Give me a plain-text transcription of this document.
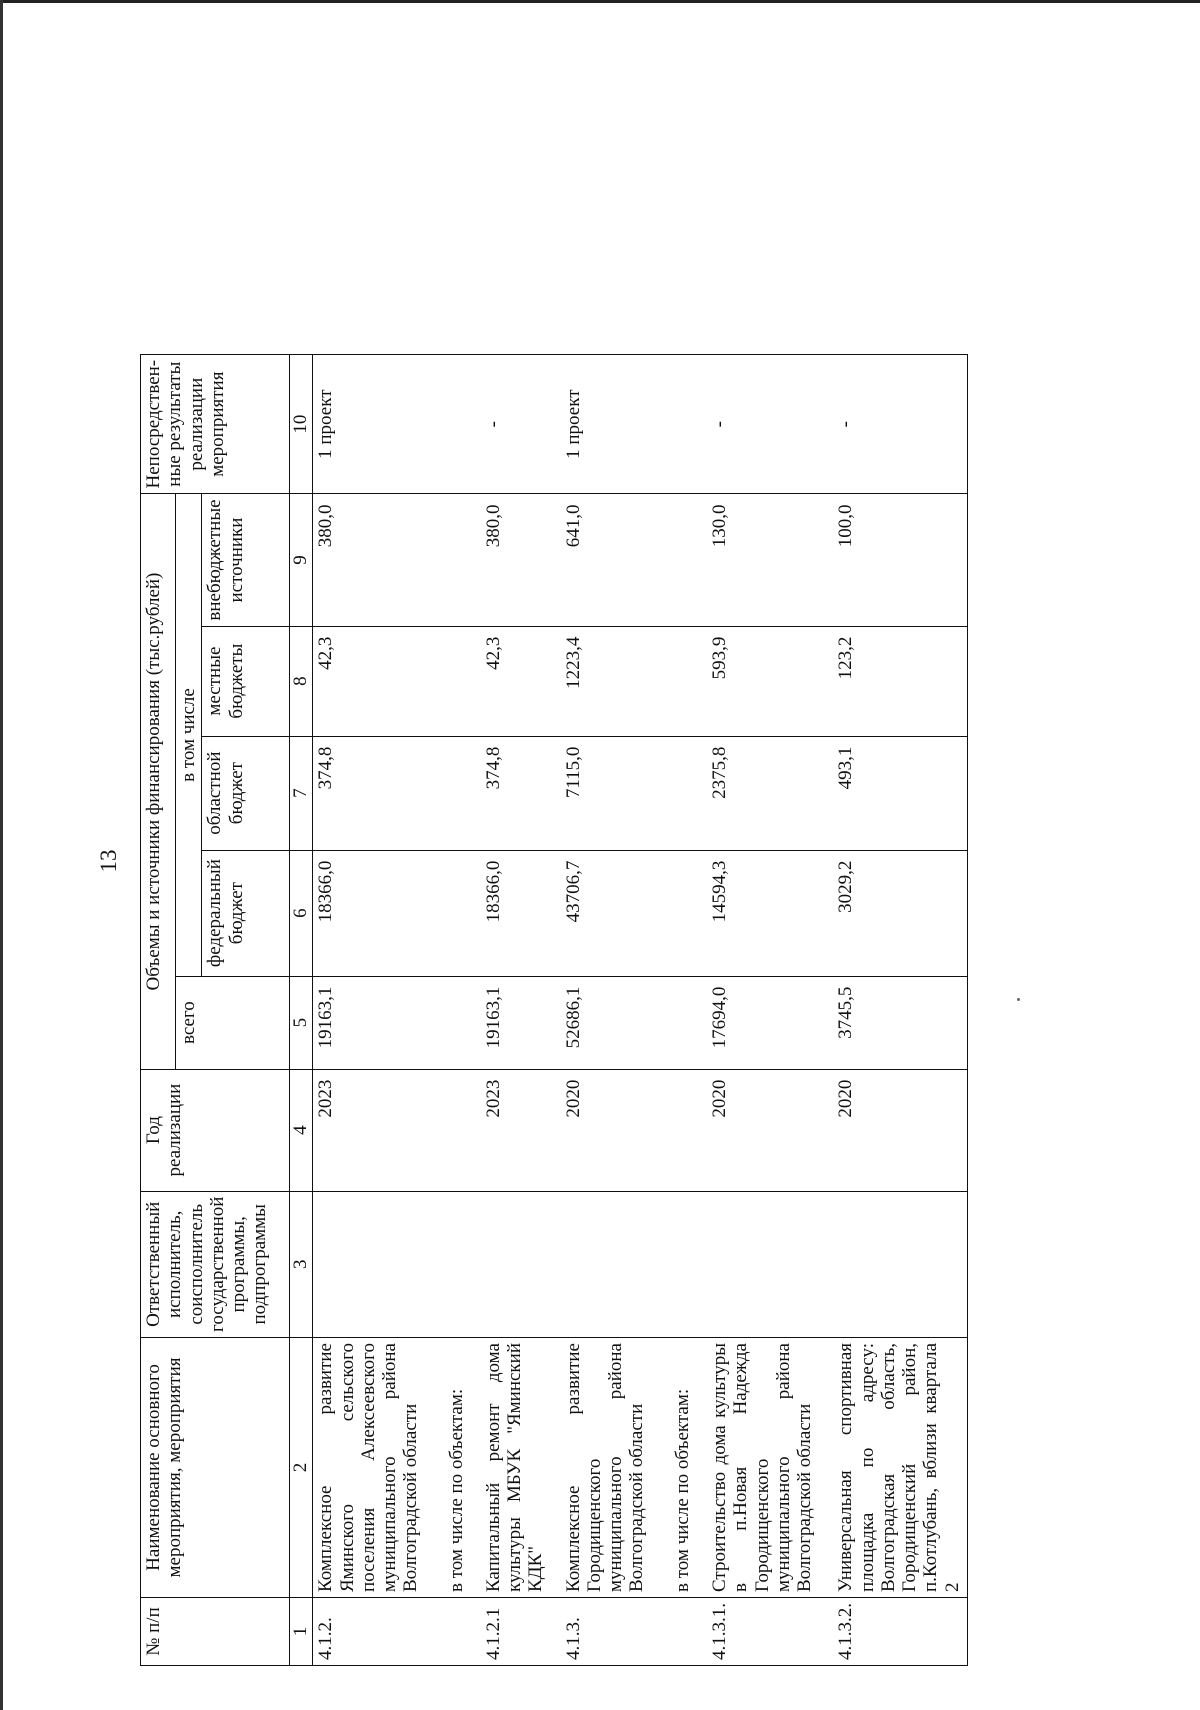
13
№ п/п	Наименование основного мероприятия, мероприятия	Ответственный исполнитель, соисполнитель государственной программы, подпрограммы	Год реализации	Объемы и источники финансирования (тыс.рублей)					Непосредствен-ные результаты реализации мероприятия
				всего	в том числе				
					федеральный бюджет	областной бюджет	местные бюджеты	внебюджетные источники	
1	2	3	4	5	6	7	8	9	10
4.1.2.	Комплексное развитие Яминского сельского поселения Алексеевского муниципального района Волгоградской области		2023	19163,1	18366,0	374,8	42,3	380,0	1 проект
	в том числе по объектам:								
4.1.2.1	Капитальный ремонт дома культуры МБУК "Яминский КДК"		2023	19163,1	18366,0	374,8	42,3	380,0	-
4.1.3.	Комплексное развитие Городищенского муниципального района Волгоградской области		2020	52686,1	43706,7	7115,0	1223,4	641,0	1 проект
	в том числе по объектам:								
4.1.3.1.	Строительство дома культуры в п.Новая Надежда Городищенского муниципального района Волгоградской области		2020	17694,0	14594,3	2375,8	593,9	130,0	-
4.1.3.2.	Универсальная спортивная площадка по адресу: Волгоградская область, Городищенский район, п.Котлубань, вблизи квартала 2		2020	3745,5	3029,2	493,1	123,2	100,0	-
